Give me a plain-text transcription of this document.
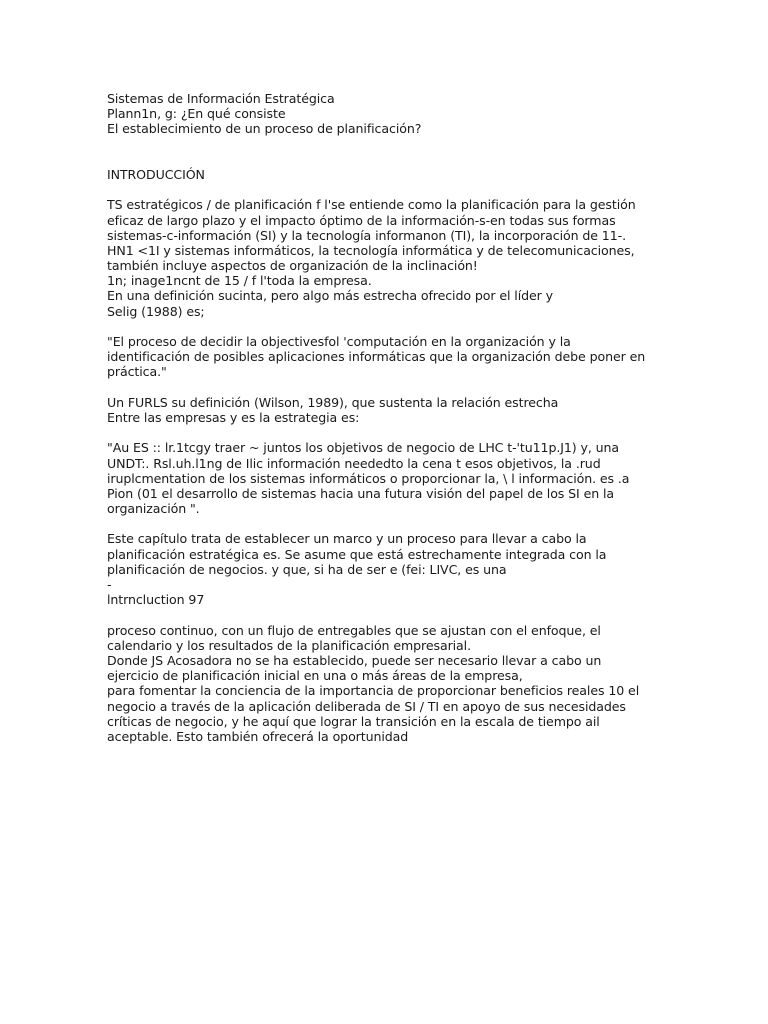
Sistemas de Información Estratégica
Plann1n, g: ¿En qué consiste
El establecimiento de un proceso de planificación?
INTRODUCCIÓN
TS estratégicos / de planificación f l'se entiende como la planificación para la gestión
eficaz de largo plazo y el impacto óptimo de la información-s-en todas sus formas
sistemas-c-información (SI) y la tecnología informanon (TI), la incorporación de 11-.
HN1 <1I y sistemas informáticos, la tecnología informática y de telecomunicaciones,
también incluye aspectos de organización de la inclinación!
1n; inage1ncnt de 15 / f l'toda la empresa.
En una definición sucinta, pero algo más estrecha ofrecido por el líder y
Selig (1988) es;
"El proceso de decidir la objectivesfol 'computación en la organización y la
identificación de posibles aplicaciones informáticas que la organización debe poner en
práctica."
Un FURLS su definición (Wilson, 1989), que sustenta la relación estrecha
Entre las empresas y es la estrategia es:
"Au ES :: lr.1tcgy traer ~ juntos los objetivos de negocio de LHC t-'tu11p.J1) y, una
UNDT:. Rsl.uh.l1ng de Ilic información neededto la cena t esos objetivos, la .rud
iruplcmentation de los sistemas informáticos o proporcionar la, \ l información. es .a
Pion (01 el desarrollo de sistemas hacia una futura visión del papel de los SI en la
organización ".
Este capítulo trata de establecer un marco y un proceso para llevar a cabo la
planificación estratégica es. Se asume que está estrechamente integrada con la
planificación de negocios. y que, si ha de ser e (fei: LIVC, es una
-
lntrncluction 97
proceso continuo, con un flujo de entregables que se ajustan con el enfoque, el
calendario y los resultados de la planificación empresarial.
Donde JS Acosadora no se ha establecido, puede ser necesario llevar a cabo un
ejercicio de planificación inicial en una o más áreas de la empresa,
para fomentar la conciencia de la importancia de proporcionar beneficios reales 10 el
negocio a través de la aplicación deliberada de SI / TI en apoyo de sus necesidades
críticas de negocio, y he aquí que lograr la transición en la escala de tiempo ail
aceptable. Esto también ofrecerá la oportunidad
